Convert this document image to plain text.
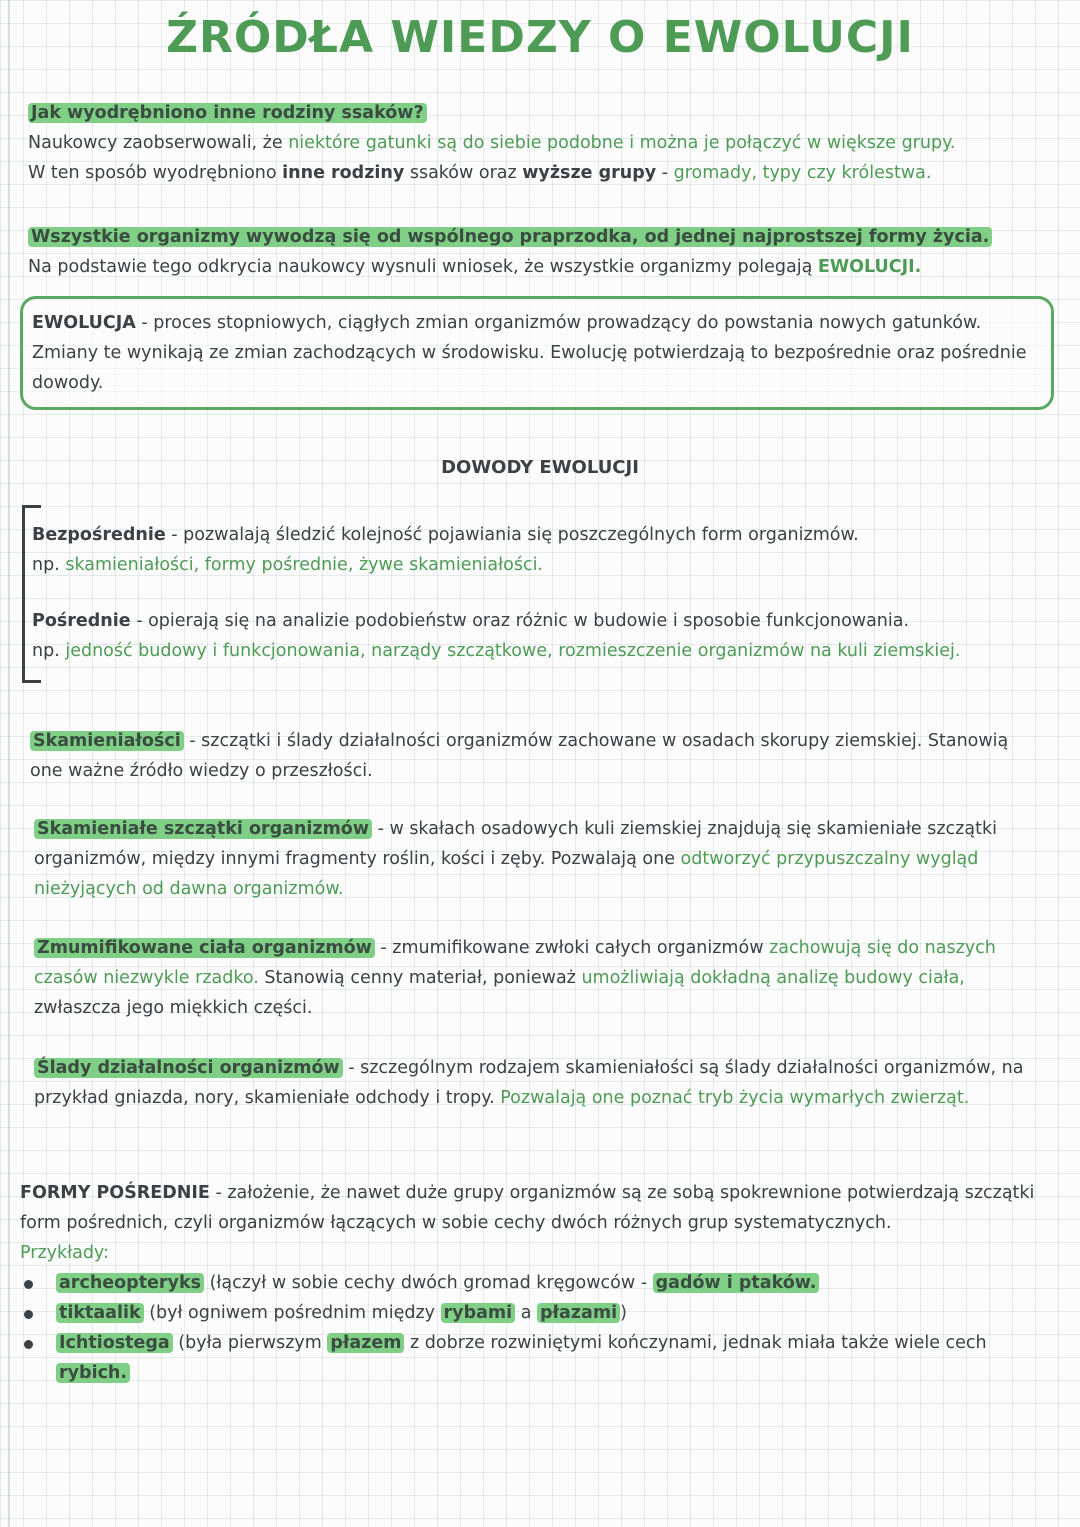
ŹRÓDŁA WIEDZY O EWOLUCJI
Jak wyodrębniono inne rodziny ssaków?
Naukowcy zaobserwowali, że niektóre gatunki są do siebie podobne i można je połączyć w większe grupy.
W ten sposób wyodrębniono inne rodziny ssaków oraz wyższe grupy - gromady, typy czy królestwa.
Wszystkie organizmy wywodzą się od wspólnego praprzodka, od jednej najprostszej formy życia.
Na podstawie tego odkrycia naukowcy wysnuli wniosek, że wszystkie organizmy polegają EWOLUCJI.
EWOLUCJA - proces stopniowych, ciągłych zmian organizmów prowadzący do powstania nowych gatunków. Zmiany te wynikają ze zmian zachodzących w środowisku. Ewolucję potwierdzają to bezpośrednie oraz pośrednie dowody.
DOWODY EWOLUCJI
Bezpośrednie - pozwalają śledzić kolejność pojawiania się poszczególnych form organizmów.
np. skamieniałości, formy pośrednie, żywe skamieniałości.
Pośrednie - opierają się na analizie podobieństw oraz różnic w budowie i sposobie funkcjonowania.
np. jedność budowy i funkcjonowania, narządy szczątkowe, rozmieszczenie organizmów na kuli ziemskiej.
Skamieniałości - szczątki i ślady działalności organizmów zachowane w osadach skorupy ziemskiej. Stanowią one ważne źródło wiedzy o przeszłości.
Skamieniałe szczątki organizmów - w skałach osadowych kuli ziemskiej znajdują się skamieniałe szczątki organizmów, między innymi fragmenty roślin, kości i zęby. Pozwalają one odtworzyć przypuszczalny wygląd nieżyjących od dawna organizmów.
Zmumifikowane ciała organizmów - zmumifikowane zwłoki całych organizmów zachowują się do naszych czasów niezwykle rzadko. Stanowią cenny materiał, ponieważ umożliwiają dokładną analizę budowy ciała, zwłaszcza jego miękkich części.
Ślady działalności organizmów - szczególnym rodzajem skamieniałości są ślady działalności organizmów, na przykład gniazda, nory, skamieniałe odchody i tropy. Pozwalają one poznać tryb życia wymarłych zwierząt.
FORMY POŚREDNIE - założenie, że nawet duże grupy organizmów są ze sobą spokrewnione potwierdzają szczątki form pośrednich, czyli organizmów łączących w sobie cechy dwóch różnych grup systematycznych.
Przykłady:
archeopteryks (łączył w sobie cechy dwóch gromad kręgowców - gadów i ptaków.
tiktaalik (był ogniwem pośrednim między rybami a płazami )
Ichtiostega (była pierwszym płazem z dobrze rozwiniętymi kończynami, jednak miała także wiele cech rybich.
